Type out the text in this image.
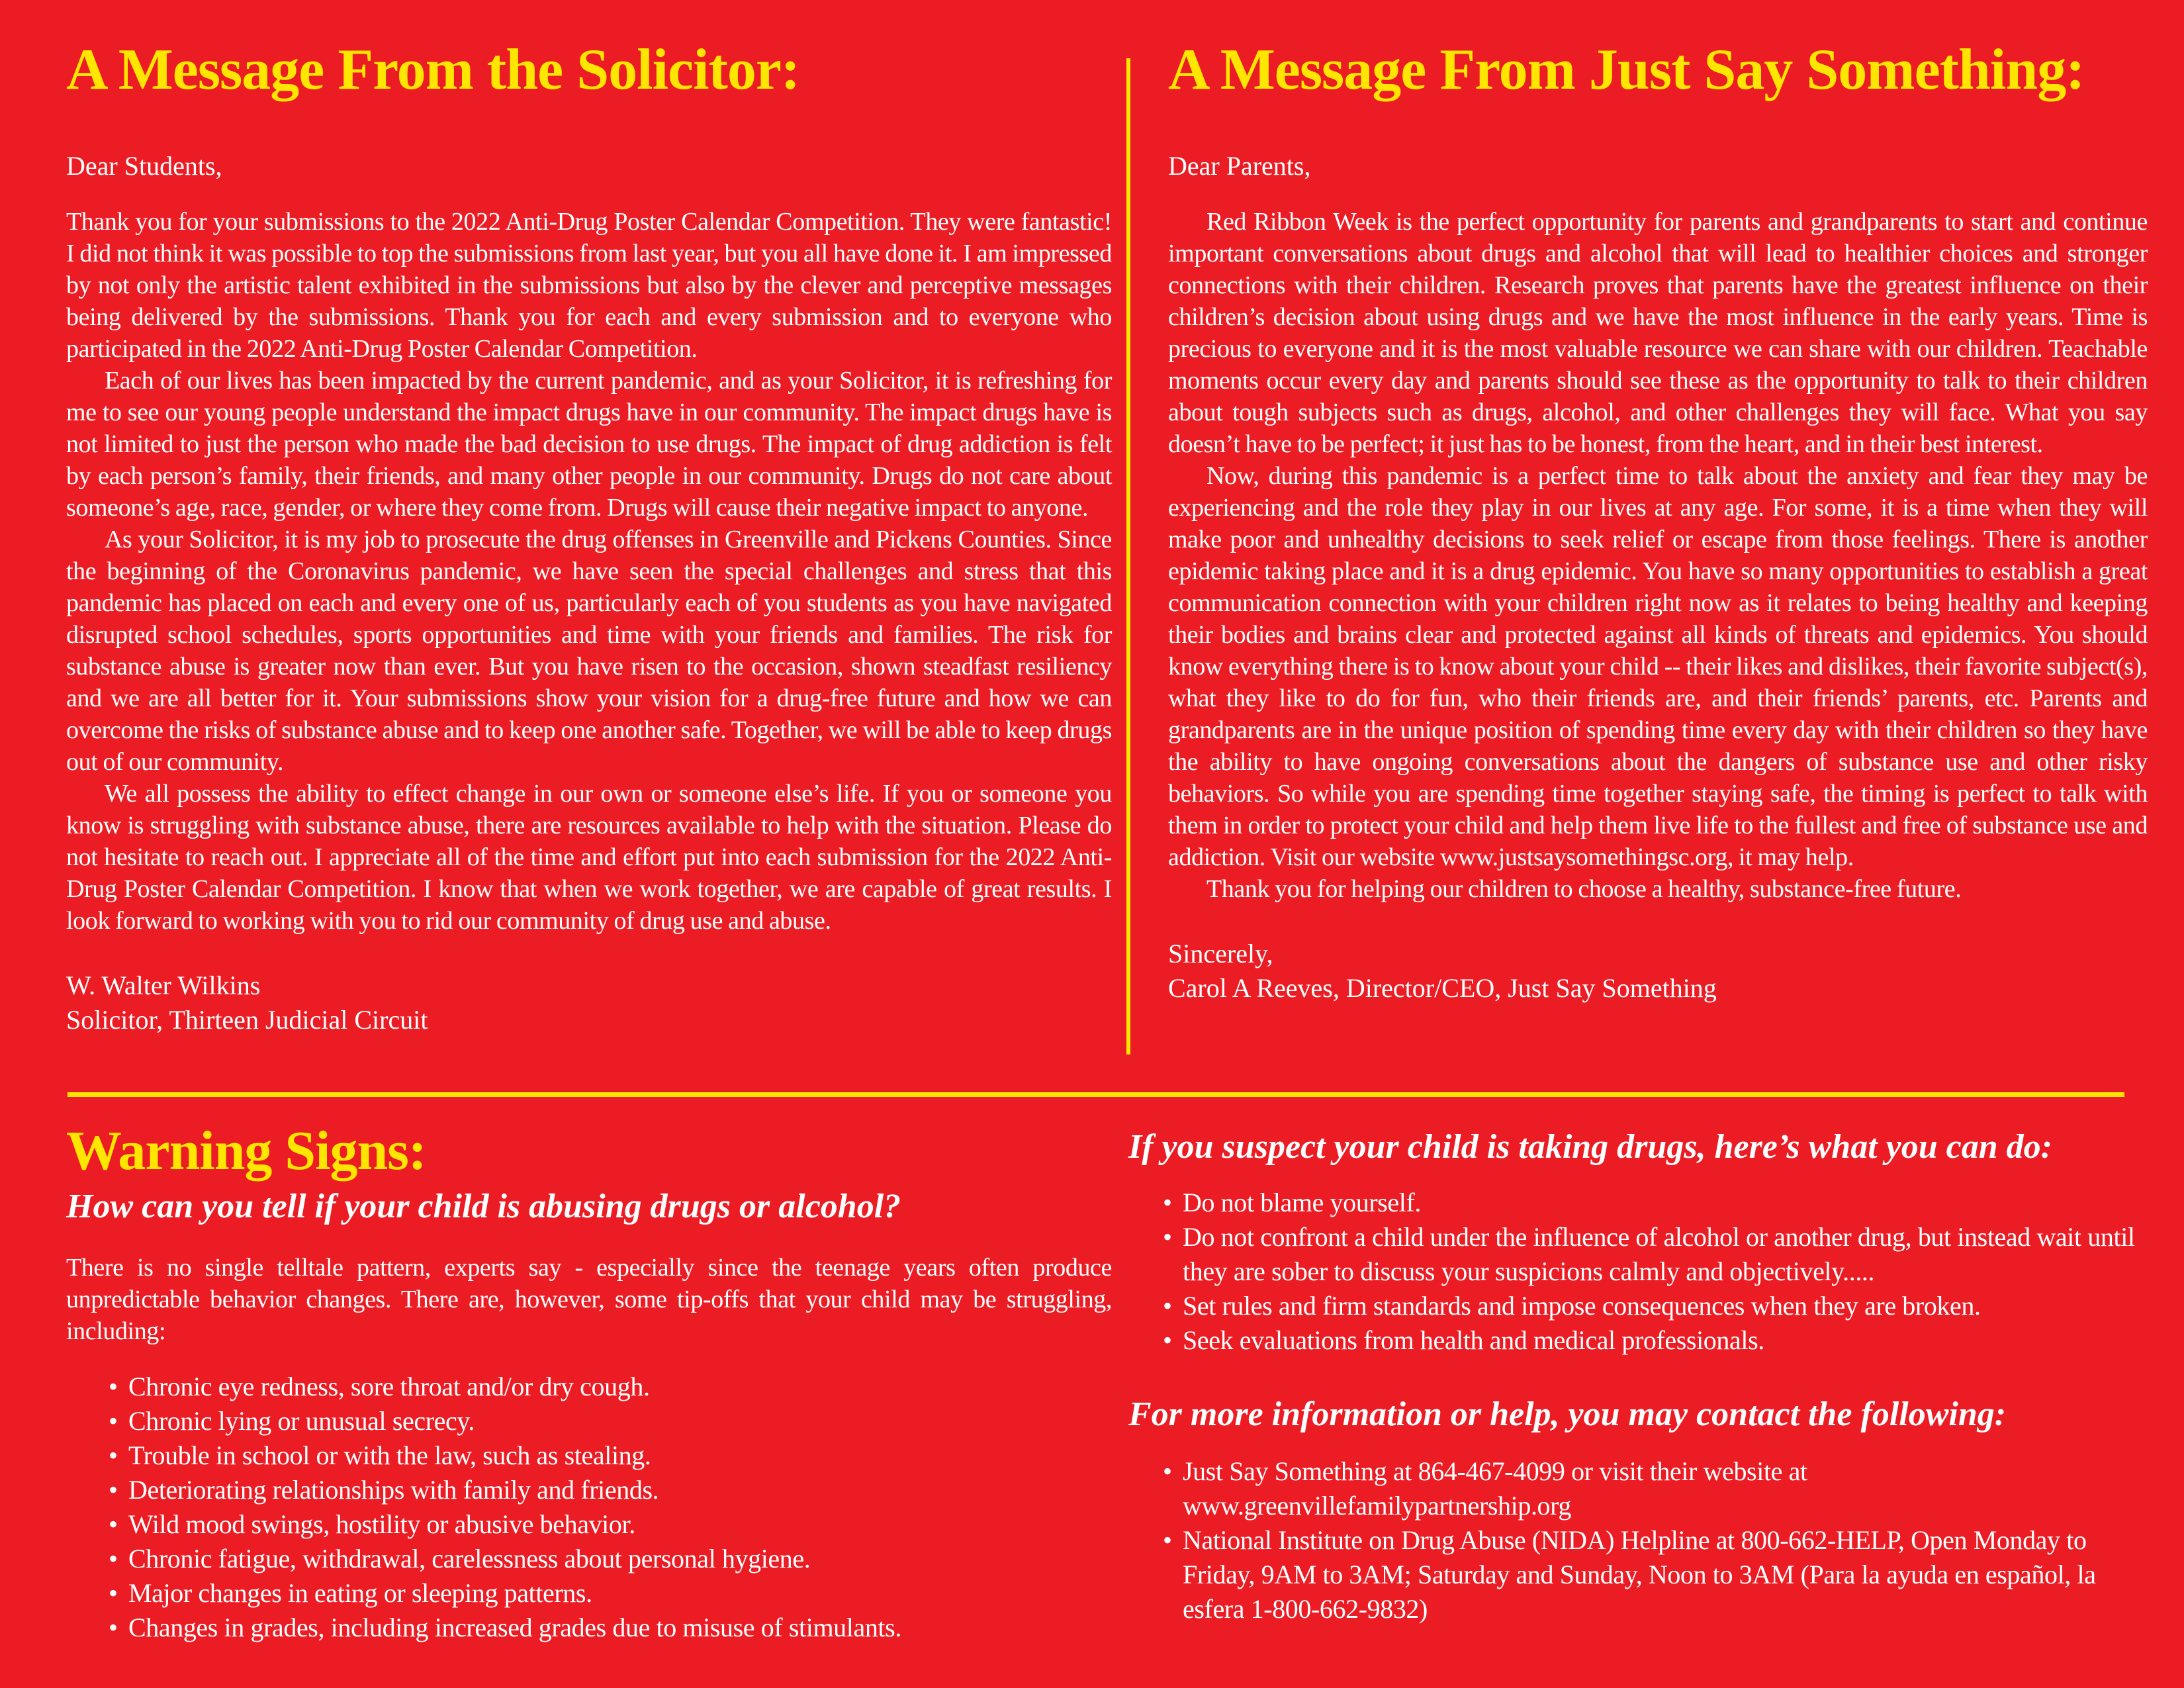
A Message From the Solicitor:

Dear Students,

Thank you for your submissions to the 2022 Anti-Drug Poster Calendar Competition. They were fantastic! I did not think it was possible to top the submissions from last year, but you all have done it. I am impressed by not only the artistic talent exhibited in the submissions but also by the clever and perceptive messages being delivered by the submissions. Thank you for each and every submission and to everyone who participated in the 2022 Anti-Drug Poster Calendar Competition.

Each of our lives has been impacted by the current pandemic, and as your Solicitor, it is refreshing for me to see our young people understand the impact drugs have in our community. The impact drugs have is not limited to just the person who made the bad decision to use drugs. The impact of drug addiction is felt by each person’s family, their friends, and many other people in our community. Drugs do not care about someone’s age, race, gender, or where they come from. Drugs will cause their negative impact to anyone.

As your Solicitor, it is my job to prosecute the drug offenses in Greenville and Pickens Counties. Since the beginning of the Coronavirus pandemic, we have seen the special challenges and stress that this pandemic has placed on each and every one of us, particularly each of you students as you have navigated disrupted school schedules, sports opportunities and time with your friends and families. The risk for substance abuse is greater now than ever. But you have risen to the occasion, shown steadfast resiliency and we are all better for it. Your submissions show your vision for a drug-free future and how we can overcome the risks of substance abuse and to keep one another safe. Together, we will be able to keep drugs out of our community.

We all possess the ability to effect change in our own or someone else’s life. If you or someone you know is struggling with substance abuse, there are resources available to help with the situation. Please do not hesitate to reach out. I appreciate all of the time and effort put into each submission for the 2022 Anti-Drug Poster Calendar Competition. I know that when we work together, we are capable of great results. I look forward to working with you to rid our community of drug use and abuse.

W. Walter Wilkins

Solicitor, Thirteen Judicial Circuit

A Message From Just Say Something:

Dear Parents,

Red Ribbon Week is the perfect opportunity for parents and grandparents to start and continue important conversations about drugs and alcohol that will lead to healthier choices and stronger connections with their children. Research proves that parents have the greatest influence on their children’s decision about using drugs and we have the most influence in the early years. Time is precious to everyone and it is the most valuable resource we can share with our children. Teachable moments occur every day and parents should see these as the opportunity to talk to their children about tough subjects such as drugs, alcohol, and other challenges they will face. What you say doesn’t have to be perfect; it just has to be honest, from the heart, and in their best interest.

Now, during this pandemic is a perfect time to talk about the anxiety and fear they may be experiencing and the role they play in our lives at any age. For some, it is a time when they will make poor and unhealthy decisions to seek relief or escape from those feelings. There is another epidemic taking place and it is a drug epidemic. You have so many opportunities to establish a great communication connection with your children right now as it relates to being healthy and keeping their bodies and brains clear and protected against all kinds of threats and epidemics. You should know everything there is to know about your child -- their likes and dislikes, their favorite subject(s), what they like to do for fun, who their friends are, and their friends’ parents, etc. Parents and grandparents are in the unique position of spending time every day with their children so they have the ability to have ongoing conversations about the dangers of substance use and other risky behaviors. So while you are spending time together staying safe, the timing is perfect to talk with them in order to protect your child and help them live life to the fullest and free of substance use and addiction. Visit our website www.justsaysomethingsc.org, it may help.

Thank you for helping our children to choose a healthy, substance-free future.

Sincerely,

Carol A Reeves, Director/CEO, Just Say Something

Warning Signs:

How can you tell if your child is abusing drugs or alcohol?

There is no single telltale pattern, experts say - especially since the teenage years often produce unpredictable behavior changes. There are, however, some tip-offs that your child may be struggling, including:

• Chronic eye redness, sore throat and/or dry cough.
• Chronic lying or unusual secrecy.
• Trouble in school or with the law, such as stealing.
• Deteriorating relationships with family and friends.
• Wild mood swings, hostility or abusive behavior.
• Chronic fatigue, withdrawal, carelessness about personal hygiene.
• Major changes in eating or sleeping patterns.
• Changes in grades, including increased grades due to misuse of stimulants.

If you suspect your child is taking drugs, here’s what you can do:

• Do not blame yourself.
• Do not confront a child under the influence of alcohol or another drug, but instead wait until they are sober to discuss your suspicions calmly and objectively.....
• Set rules and firm standards and impose consequences when they are broken.
• Seek evaluations from health and medical professionals.

For more information or help, you may contact the following:

• Just Say Something at 864-467-4099 or visit their website at www.greenvillefamilypartnership.org
• National Institute on Drug Abuse (NIDA) Helpline at 800-662-HELP, Open Monday to Friday, 9AM to 3AM; Saturday and Sunday, Noon to 3AM (Para la ayuda en español, la esfera 1-800-662-9832)
